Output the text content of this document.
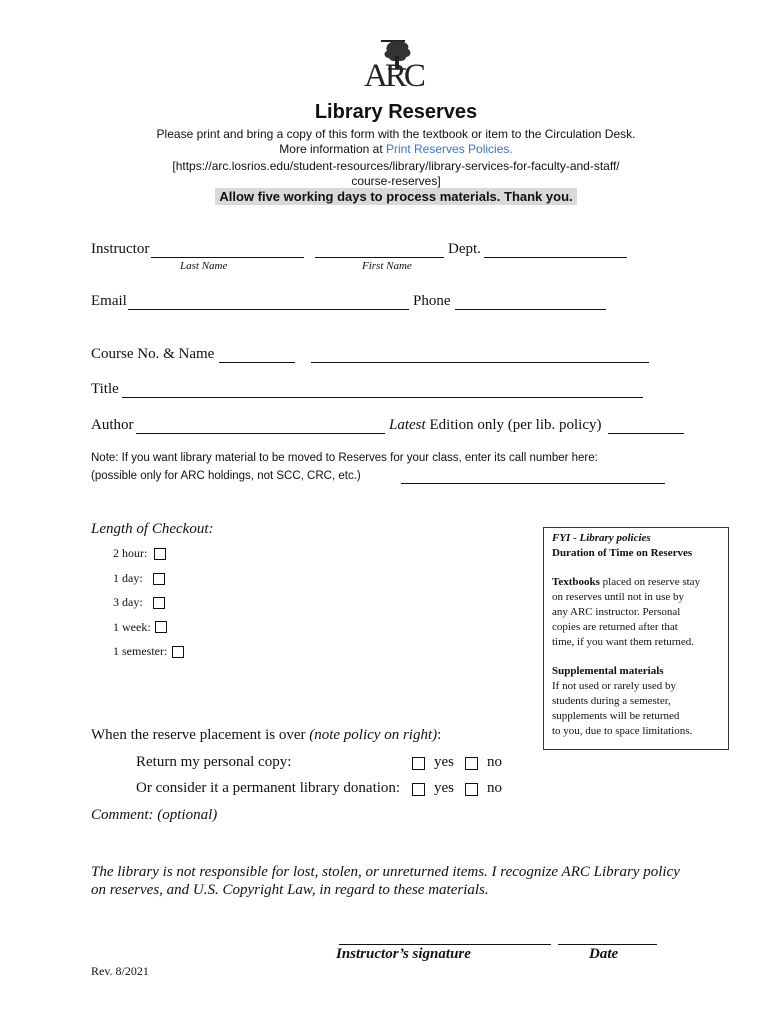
ARC
Library Reserves
Please print and bring a copy of this form with the textbook or item to the Circulation Desk.
More information at Print Reserves Policies.
[https://arc.losrios.edu/student-resources/library/library-services-for-faculty-and-staff/
course-reserves]
Allow five working days to process materials. Thank you.
Instructor	Dept.
Last Name	First Name
Email	Phone
Course No. & Name
Title
Author	Latest Edition only (per lib. policy)
Note: If you want library material to be moved to Reserves for your class, enter its call number here:
(possible only for ARC holdings, not SCC, CRC, etc.)
Length of Checkout:
2 hour:
1 day:
3 day:
1 week:
1 semester:

FYI - Library policies

Duration of Time on Reserves

Textbooks placed on reserve stay

on reserves until not in use by

any ARC instructor. Personal

copies are returned after that

time, if you want them returned.

Supplemental materials

If not used or rarely used by

students during a semester,

supplements will be returned

to you, due to space limitations.

When the reserve placement is over (note policy on right):
Return my personal copy:	yes no
Or consider it a permanent library donation: yes no
Comment: (optional)
The library is not responsible for lost, stolen, or unreturned items. I recognize ARC Library policy
on reserves, and U.S. Copyright Law, in regard to these materials.
Instructor’s signature	Date
Rev. 8/2021
